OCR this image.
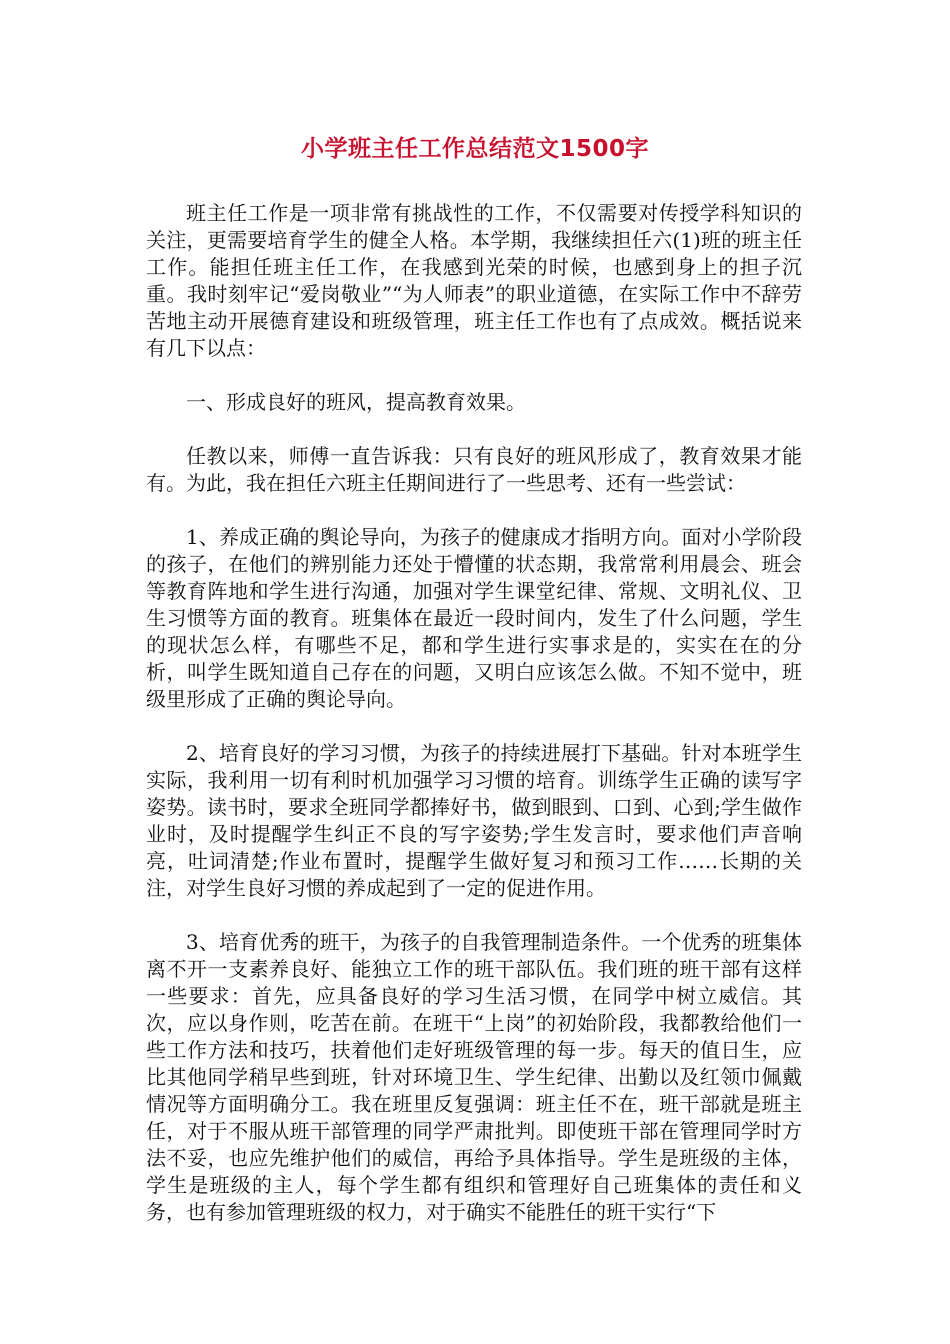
小学班主任工作总结范文1500字

班主任工作是一项非常有挑战性的工作，不仅需要对传授学科知识的关注，更需要培育学生的健全人格。本学期，我继续担任六(1)班的班主任工作。能担任班主任工作，在我感到光荣的时候，也感到身上的担子沉重。我时刻牢记“爱岗敬业”“为人师表”的职业道德，在实际工作中不辞劳苦地主动开展德育建设和班级管理，班主任工作也有了点成效。概括说来有几下以点：

一、形成良好的班风，提高教育效果。

任教以来，师傅一直告诉我：只有良好的班风形成了，教育效果才能有。为此，我在担任六班主任期间进行了一些思考、还有一些尝试：

1、养成正确的舆论导向，为孩子的健康成才指明方向。面对小学阶段的孩子，在他们的辨别能力还处于懵懂的状态期，我常常利用晨会、班会等教育阵地和学生进行沟通，加强对学生课堂纪律、常规、文明礼仪、卫生习惯等方面的教育。班集体在最近一段时间内，发生了什么问题，学生的现状怎么样，有哪些不足，都和学生进行实事求是的，实实在在的分析，叫学生既知道自己存在的问题，又明白应该怎么做。不知不觉中，班级里形成了正确的舆论导向。

2、培育良好的学习习惯，为孩子的持续进展打下基础。针对本班学生实际，我利用一切有利时机加强学习习惯的培育。训练学生正确的读写字姿势。读书时，要求全班同学都捧好书，做到眼到、口到、心到;学生做作业时，及时提醒学生纠正不良的写字姿势;学生发言时，要求他们声音响亮，吐词清楚;作业布置时，提醒学生做好复习和预习工作……长期的关注，对学生良好习惯的养成起到了一定的促进作用。

3、培育优秀的班干，为孩子的自我管理制造条件。一个优秀的班集体离不开一支素养良好、能独立工作的班干部队伍。我们班的班干部有这样一些要求：首先，应具备良好的学习生活习惯，在同学中树立威信。其次，应以身作则，吃苦在前。在班干“上岗”的初始阶段，我都教给他们一些工作方法和技巧，扶着他们走好班级管理的每一步。每天的值日生，应比其他同学稍早些到班，针对环境卫生、学生纪律、出勤以及红领巾佩戴情况等方面明确分工。我在班里反复强调：班主任不在，班干部就是班主任，对于不服从班干部管理的同学严肃批判。即使班干部在管理同学时方法不妥，也应先维护他们的威信，再给予具体指导。学生是班级的主体，学生是班级的主人，每个学生都有组织和管理好自己班集体的责任和义务，也有参加管理班级的权力，对于确实不能胜任的班干实行“下
